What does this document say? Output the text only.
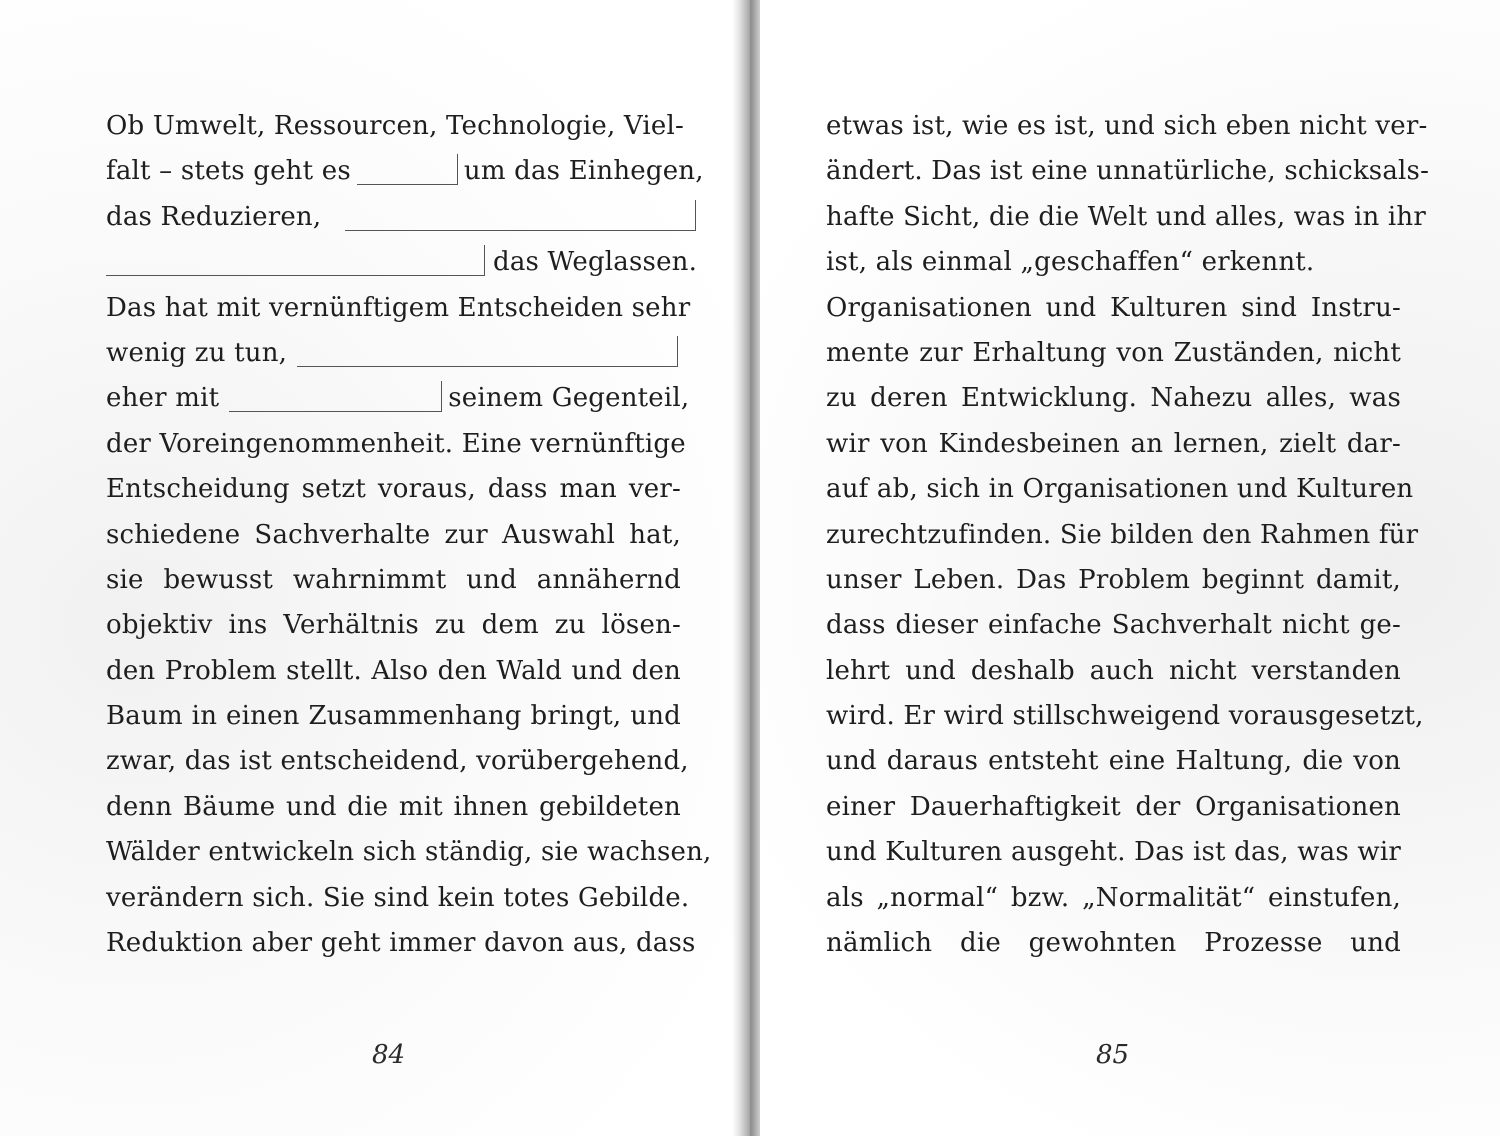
Ob Umwelt, Ressourcen, Technologie, Viel-
falt – stets geht es	um das Einhegen,
das Reduzieren,
das Weglassen.
Das hat mit vernünftigem Entscheiden sehr
wenig zu tun,
eher mit	seinem Gegenteil,
der Voreingenommenheit. Eine vernünftige
Entscheidung setzt voraus, dass man ver-
schiedene Sachverhalte zur Auswahl hat,
sie bewusst wahrnimmt und annähernd
objektiv ins Verhältnis zu dem zu lösen-
den Problem stellt. Also den Wald und den
Baum in einen Zusammenhang bringt, und
zwar, das ist entscheidend, vorübergehend,
denn Bäume und die mit ihnen gebildeten
Wälder entwickeln sich ständig, sie wachsen,
verändern sich. Sie sind kein totes Gebilde.
Reduktion aber geht immer davon aus, dass
84
etwas ist, wie es ist, und sich eben nicht ver-
ändert. Das ist eine unnatürliche, schicksals-
hafte Sicht, die die Welt und alles, was in ihr
ist, als einmal „geschaffen“ erkennt.
Organisationen und Kulturen sind Instru-
mente zur Erhaltung von Zuständen, nicht
zu deren Entwicklung. Nahezu alles, was
wir von Kindesbeinen an lernen, zielt dar-
auf ab, sich in Organisationen und Kulturen
zurechtzufinden. Sie bilden den Rahmen für
unser Leben. Das Problem beginnt damit,
dass dieser einfache Sachverhalt nicht ge-
lehrt und deshalb auch nicht verstanden
wird. Er wird stillschweigend vorausgesetzt,
und daraus entsteht eine Haltung, die von
einer Dauerhaftigkeit der Organisationen
und Kulturen ausgeht. Das ist das, was wir
als „normal“ bzw. „Normalität“ einstufen,
nämlich die gewohnten Prozesse und
85
